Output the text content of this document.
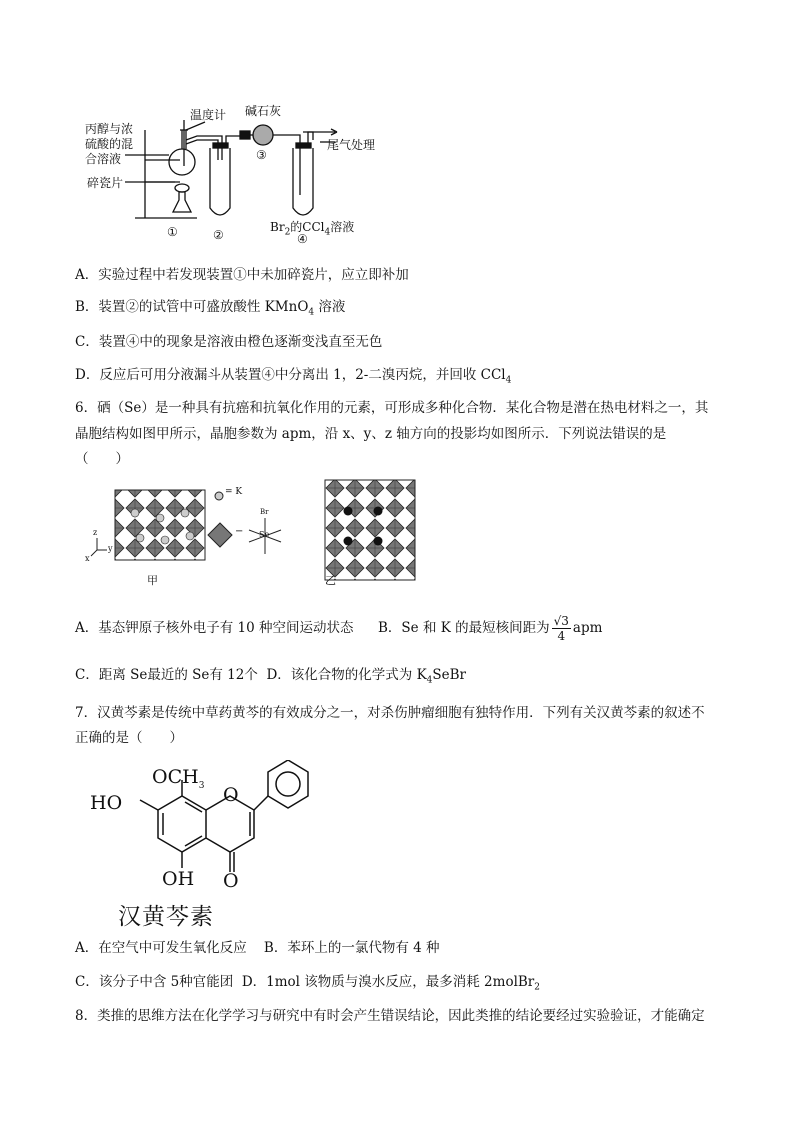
丙醇与浓
硫酸的混
合溶液
碎瓷片
温度计 碱石灰
尾气处理
$Br_2$的CCl$_4$溶液
①	②
③
④
A．实验过程中若发现装置①中未加碎瓷片，应立即补加
B．装置②的试管中可盛放酸性 KMnO$_4$ 溶液
C．装置④中的现象是溶液由橙色逐渐变浅直至无色
D．反应后可用分液漏斗从装置④中分离出 1，2-二溴丙烷，并回收 CCl$_4$
6．硒（Se）是一种具有抗癌和抗氧化作用的元素，可形成多种化合物．某化合物是潜在热电材料之一，其
晶胞结构如图甲所示，晶胞参数为 apm，沿 x、y、z 轴方向的投影均如图所示．下列说法错误的是
（　　）
= K
−
Br
Se
z
y
x
甲	乙
A．基态钾原子核外电子有 10 种空间运动状态 B．Se 和 K 的最短核间距为 $\frac{√3}{4}$ apm
C．距离 Se最近的 Se有 12个 D．该化合物的化学式为 $K_4SeBr$
7．汉黄芩素是传统中草药黄芩的有效成分之一，对杀伤肿瘤细胞有独特作用．下列有关汉黄芩素的叙述不
正确的是（　　）
$OCH_3$
HO	O
OH O
汉黄芩素
A．在空气中可发生氧化反应 B．苯环上的一氯代物有 4 种
C．该分子中含 5种官能团 D．1mol 该物质与溴水反应，最多消耗 2molBr$_2$
8．类推的思维方法在化学学习与研究中有时会产生错误结论，因此类推的结论要经过实验验证，才能确定
